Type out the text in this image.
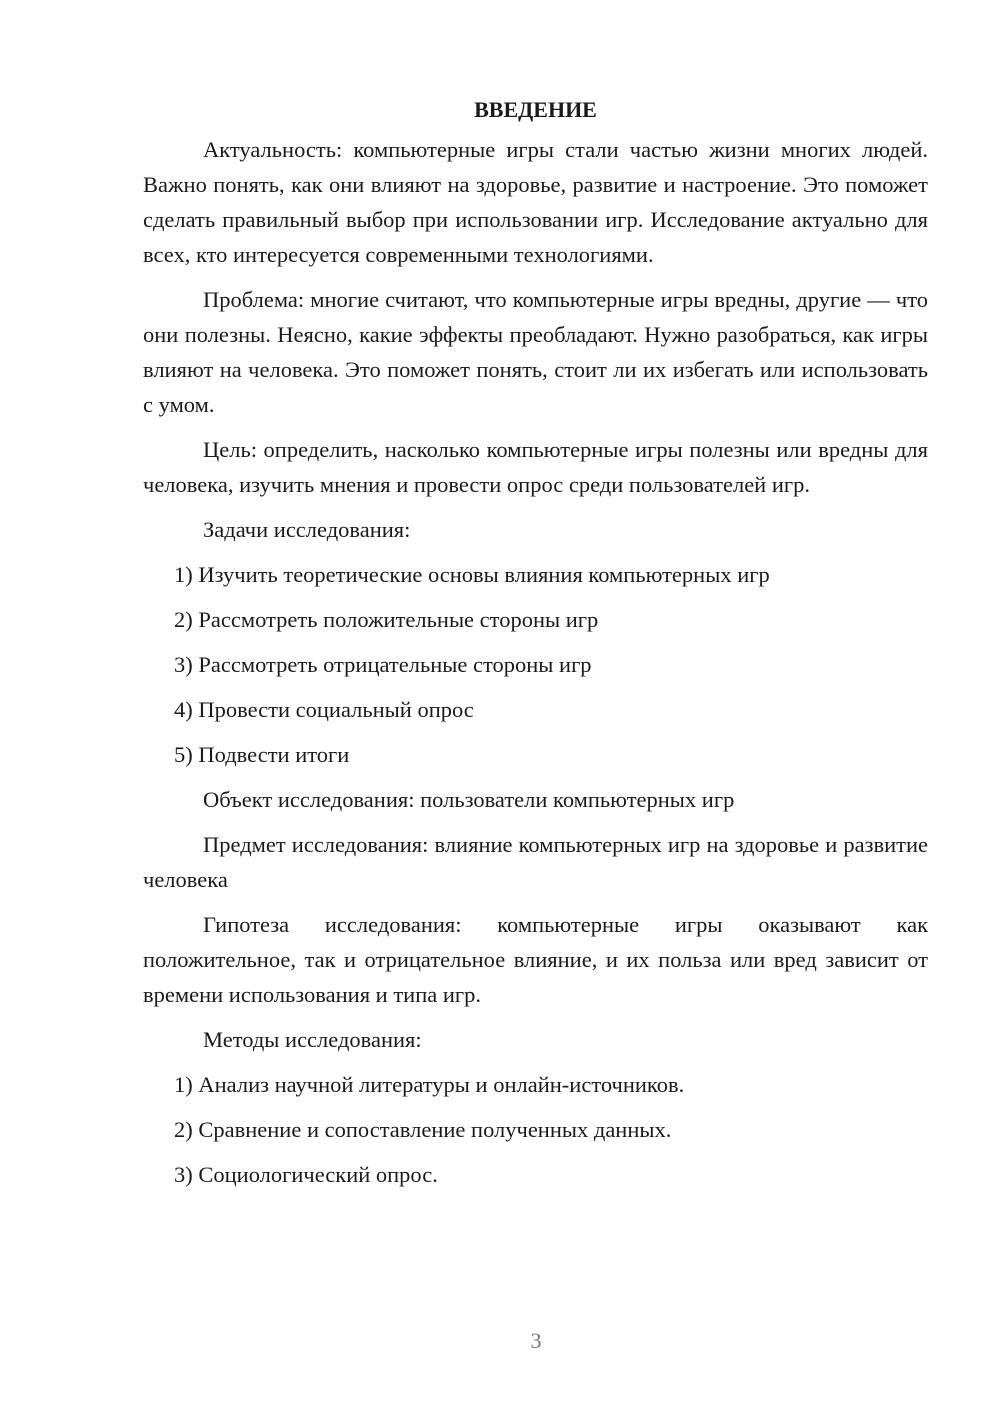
ВВЕДЕНИЕ

Актуальность: компьютерные игры стали частью жизни многих людей. Важно понять, как они влияют на здоровье, развитие и настроение. Это поможет сделать правильный выбор при использовании игр. Исследование актуально для всех, кто интересуется современными технологиями.

Проблема: многие считают, что компьютерные игры вредны, другие — что они полезны. Неясно, какие эффекты преобладают. Нужно разобраться, как игры влияют на человека. Это поможет понять, стоит ли их избегать или использовать с умом.

Цель: определить, насколько компьютерные игры полезны или вредны для человека, изучить мнения и провести опрос среди пользователей игр.

Задачи исследования:

1) Изучить теоретические основы влияния компьютерных игр
2) Рассмотреть положительные стороны игр
3) Рассмотреть отрицательные стороны игр
4) Провести социальный опрос
5) Подвести итоги

Объект исследования: пользователи компьютерных игр

Предмет исследования: влияние компьютерных игр на здоровье и развитие человека

Гипотеза исследования: компьютерные игры оказывают как положительное, так и отрицательное влияние, и их польза или вред зависит от времени использования и типа игр.

Методы исследования:

1) Анализ научной литературы и онлайн-источников.
2) Сравнение и сопоставление полученных данных.
3) Социологический опрос.
3
